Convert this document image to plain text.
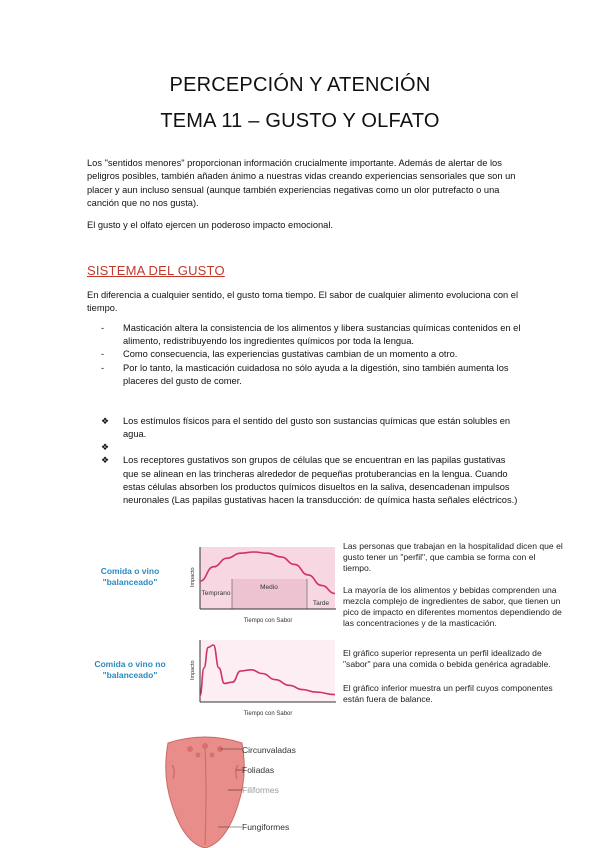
PERCEPCIÓN Y ATENCIÓN
TEMA 11 – GUSTO Y OLFATO
Los "sentidos menores" proporcionan información crucialmente importante. Además de alertar de los peligros posibles, también añaden ánimo a nuestras vidas creando experiencias sensoriales que son un placer y aun incluso sensual (aunque también experiencias negativas como un olor putrefacto o una canción que no nos gusta).
El gusto y el olfato ejercen un poderoso impacto emocional.
SISTEMA DEL GUSTO
En diferencia a cualquier sentido, el gusto toma tiempo. El sabor de cualquier alimento evoluciona con el tiempo.
- Masticación altera la consistencia de los alimentos y libera sustancias químicas contenidos en el alimento, redistribuyendo los ingredientes químicos por toda la lengua.
- Como consecuencia, las experiencias gustativas cambian de un momento a otro.
- Por lo tanto, la masticación cuidadosa no sólo ayuda a la digestión, sino también aumenta los placeres del gusto de comer.
❖ Los estímulos físicos para el sentido del gusto son sustancias químicas que están solubles en agua.
❖
❖ Los receptores gustativos son grupos de células que se encuentran en las papilas gustativas que se alinean en las trincheras alrededor de pequeñas protuberancias en la lengua. Cuando estas células absorben los productos químicos disueltos en la saliva, desencadenan impulsos neuronales (Las papilas gustativas hacen la transducción: de química hasta señales eléctricos.)
Comida o vino "balanceado"	Impacto
Temprano
Medio
Tarde
Tiempo con Sabor
Comida o vino no "balanceado"	Impacto
Tiempo con Sabor
Las personas que trabajan en la hospitalidad dicen que el gusto tener un "perfil", que cambia se forma con el tiempo.
La mayoría de los alimentos y bebidas comprenden una mezcla complejo de ingredientes de sabor, que tienen un pico de impacto en diferentes momentos dependiendo de las concentraciones y de la masticación.
El gráfico superior representa un perfil idealizado de "sabor" para una comida o bebida genérica agradable.
El gráfico inferior muestra un perfil cuyos componentes están fuera de balance.
Circunvaladas
Foliadas
Filiformes
Fungiformes
